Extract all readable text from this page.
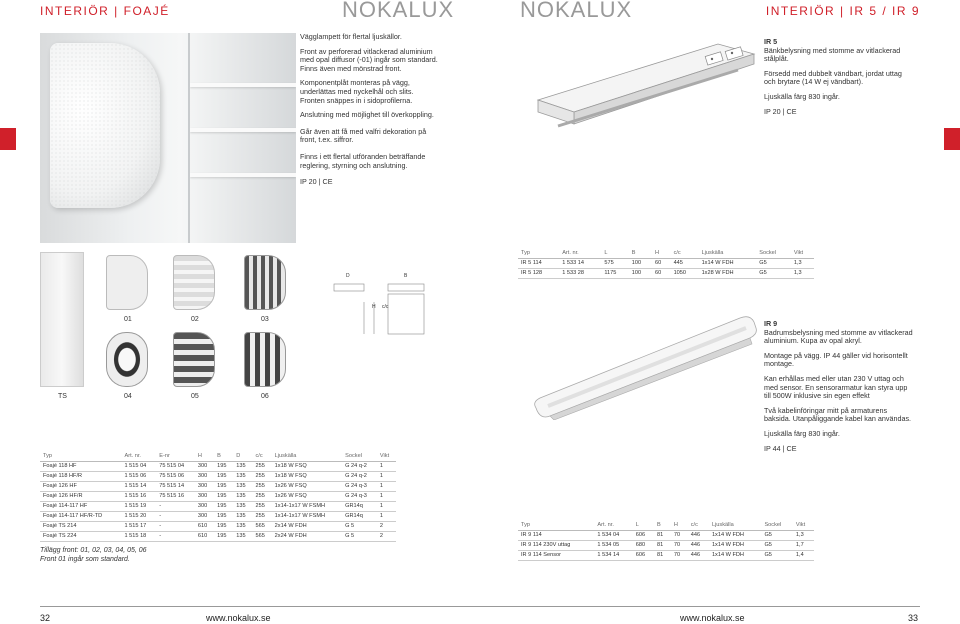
INTERIÖR | FOAJÉ	NOKALUX	NOKALUX	INTERIÖR | IR 5 / IR 9

Vägglampett för flertal ljuskällor.

Front av perforerad vitlackerad aluminium med opal diffusor (-01) ingår som standard. Finns även med mönstrad front.

Komponentplåt monteras på vägg, underlättas med nyckelhål och slits. Fronten snäppes in i sidoprofilerna.

Anslutning med möjlighet till överkoppling.

Går även att få med valfri dekoration på front, t.ex. siffror.

Finns i ett flertal utföranden beträffande reglering, styrning och anslutning.

IP 20 | CE

IR 5

Bänkbelysning med stomme av vitlackerad stålplåt.

Försedd med dubbelt vändbart, jordat uttag och brytare (14 W ej vändbart).

Ljuskälla färg 830 ingår.

IP 20 | CE

01	02	03
TS	04	05	06
D	B
H c/c
Typ	Art. nr.	L	B	H	c/c	Ljuskälla	Sockel	Vikt
IR 5 114	1 533 14	575	100	60	445	1x14 W FDH	G5	1,3
IR 5 128	1 533 28	1175	100	60	1050	1x28 W FDH	G5	1,3

IR 9

Badrumsbelysning med stomme av vitlackerad aluminium. Kupa av opal akryl.

Montage på vägg. IP 44 gäller vid horisontellt montage.

Kan erhållas med eller utan 230 V uttag och med sensor. En sensorarmatur kan styra upp till 500W inklusive sin egen effekt

Två kabelinföringar mitt på armaturens baksida. Utanpåliggande kabel kan användas.

Ljuskälla färg 830 ingår.

IP 44 | CE

Typ	Art. nr.	E-nr	H	B	D	c/c	Ljuskälla	Sockel	Vikt
Foajé 118 HF	1 515 04	75 515 04	300	195	135	255	1x18 W FSQ	G 24 q-2	1
Foajé 118 HF/R	1 515 06	75 515 06	300	195	135	255	1x18 W FSQ	G 24 q-2	1
Foajé 126 HF	1 515 14	75 515 14	300	195	135	255	1x26 W FSQ	G 24 q-3	1
Foajé 126 HF/R	1 515 16	75 515 16	300	195	135	255	1x26 W FSQ	G 24 q-3	1
Foajé 114-117 HF	1 515 19	-	300	195	135	255	1x14-1x17 W FSMH	GR14q	1
Foajé 114-117 HF/R-TD	1 515 20	-	300	195	135	255	1x14-1x17 W FSMH	GR14q	1
Foajé TS 214	1 515 17	-	610	195	135	565	2x14 W FDH	G 5	2
Foajé TS 224	1 515 18	-	610	195	135	565	2x24 W FDH	G 5	2
Tillägg front: 01, 02, 03, 04, 05, 06
Front 01 ingår som standard.
Typ	Art. nr.	L	B	H	c/c	Ljuskälla	Sockel	Vikt
IR 9 114	1 534 04	606	81	70	446	1x14 W FDH	G5	1,3
IR 9 114 230V uttag	1 534 05	680	81	70	446	1x14 W FDH	G5	1,7
IR 9 114 Sensor	1 534 14	606	81	70	446	1x14 W FDH	G5	1,4
32	www.nokalux.se	www.nokalux.se	33
